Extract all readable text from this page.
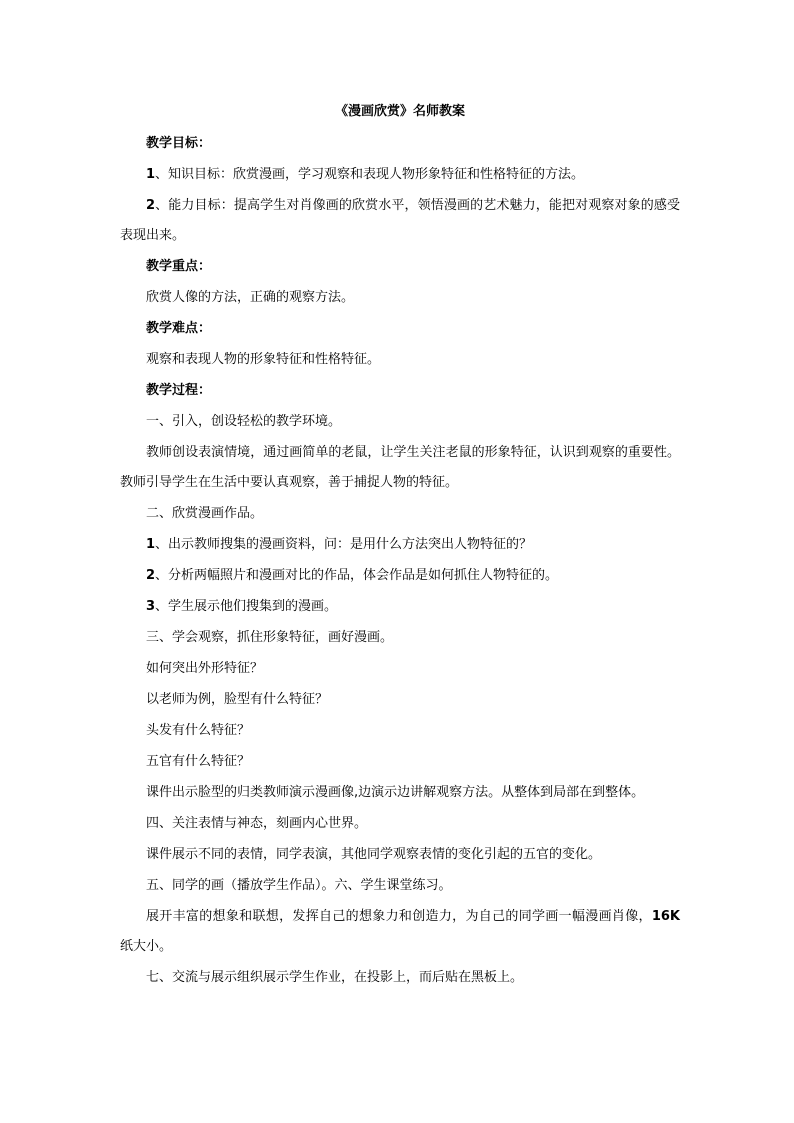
《漫画欣赏》名师教案
教学目标：
1、知识目标：欣赏漫画，学习观察和表现人物形象特征和性格特征的方法。
2、能力目标：提高学生对肖像画的欣赏水平，领悟漫画的艺术魅力，能把对观察对象的感受表现出来。
教学重点：
欣赏人像的方法，正确的观察方法。
教学难点：
观察和表现人物的形象特征和性格特征。
教学过程：
一、引入，创设轻松的教学环境。
教师创设表演情境，通过画简单的老鼠，让学生关注老鼠的形象特征，认识到观察的重要性。教师引导学生在生活中要认真观察，善于捕捉人物的特征。
二、欣赏漫画作品。
1、出示教师搜集的漫画资料，问：是用什么方法突出人物特征的？
2、分析两幅照片和漫画对比的作品，体会作品是如何抓住人物特征的。
3、学生展示他们搜集到的漫画。
三、学会观察，抓住形象特征，画好漫画。
如何突出外形特征？
以老师为例，脸型有什么特征？
头发有什么特征？
五官有什么特征？
课件出示脸型的归类教师演示漫画像,边演示边讲解观察方法。从整体到局部在到整体。
四、关注表情与神态，刻画内心世界。
课件展示不同的表情，同学表演，其他同学观察表情的变化引起的五官的变化。
五、同学的画（播放学生作品）。六、学生课堂练习。
展开丰富的想象和联想，发挥自己的想象力和创造力，为自己的同学画一幅漫画肖像，16K纸大小。
七、交流与展示组织展示学生作业，在投影上，而后贴在黑板上。
